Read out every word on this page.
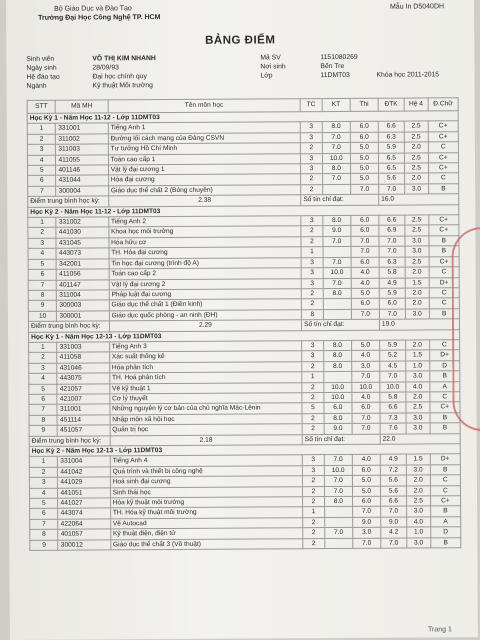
Bộ Giáo Dục và Đào Tạo
Trường Đại Học Công Nghệ TP. HCM
Mẫu In D5040DH
BẢNG ĐIỂM
Sinh viên	VÕ THỊ KIM NHANH
Ngày sinh	28/09/93
Hệ đào tạo	Đại học chính quy
Ngành	Kỹ thuật Môi trường
Mã SV	1151080269
Nơi sinh	Bến Tre
Lớp	11DMT03	Khóa học 2011-2015
STT	Mã MH	Tên môn học	TC	KT	Thi	ĐTK	Hệ 4	Đ.Chữ
Học Kỳ 1 - Năm Học 11-12 - Lớp 11DMT03								
1	331001	Tiếng Anh 1	3	8.0	6.0	6.6	2.5	C+
2	311002	Đường lối cách mạng của Đảng CSVN	3	7.0	6.0	6.3	2.5	C+
3	311003	Tư tưởng Hồ Chí Minh	2	7.0	5.0	5.9	2.0	C
4	411055	Toán cao cấp 1	3	10.0	5.0	6.5	2.5	C+
5	401146	Vật lý đại cương 1	3	8.0	5.0	6.5	2.5	C+
6	431044	Hóa đại cương	2	7.0	5.0	5.6	2.0	C
7	300004	Giáo dục thể chất 2 (Bóng chuyền)	2		7.0	7.0	3.0	B
Điểm trung bình học kỳ:		2.38	Số tín chỉ đạt:			16.0		
Học Kỳ 2 - Năm Học 11-12 - Lớp 11DMT03								
1	331002	Tiếng Anh 2	3	8.0	6.0	6.6	2.5	C+
2	441030	Khoa học môi trường	2	9.0	6.0	6.9	2.5	C+
3	431045	Hóa hữu cơ	2	7.0	7.0	7.0	3.0	B
4	443073	TH. Hóa đại cương	1		7.0	7.0	3.0	B
5	342001	Tin học đại cương (trình độ A)	3	7.0	6.0	6.3	2.5	C+
6	411056	Toán cao cấp 2	3	10.0	4.0	5.8	2.0	C
7	401147	Vật lý đại cương 2	3	7.0	4.0	4.9	1.5	D+
8	311004	Pháp luật đại cương	2	8.0	5.0	5.9	2.0	C
9	300003	Giáo dục thể chất 1 (Điền kinh)	2		6.0	6.0	2.0	C
10	300001	Giáo dục quốc phòng - an ninh (ĐH)	8		7.0	7.0	3.0	B
Điểm trung bình học kỳ:		2.29	Số tín chỉ đạt:			19.0		
Học Kỳ 1 - Năm Học 12-13 - Lớp 11DMT03								
1	331003	Tiếng Anh 3	3	8.0	5.0	5.9	2.0	C
2	411058	Xác suất thống kê	3	8.0	4.0	5.2	1.5	D+
3	431046	Hóa phân tích	2	8.0	3.0	4.5	1.0	D
4	443075	TH. Hoá phân tích	1		7.0	7.0	3.0	B
5	421057	Vẽ kỹ thuật 1	2	10.0	10.0	10.0	4.0	A
6	421007	Cơ lý thuyết	2	10.0	4.0	5.8	2.0	C
7	311001	Những nguyên lý cơ bản của chủ nghĩa Mác-Lênin	5	6.0	6.0	6.6	2.5	C+
8	451114	Nhập môn xã hội học	2	8.0	7.0	7.3	3.0	B
9	451057	Quản trị học	2	9.0	7.0	7.6	3.0	B
Điểm trung bình học kỳ:		2.18	Số tín chỉ đạt:			22.0		
Học Kỳ 2 - Năm Học 12-13 - Lớp 11DMT03								
1	331004	Tiếng Anh 4	3	7.0	4.0	4.9	1.5	D+
2	441042	Quá trình và thiết bị công nghệ	3	10.0	6.0	7.2	3.0	B
3	441029	Hoá sinh đại cương	2	7.0	5.0	5.6	2.0	C
4	441051	Sinh thái học	2	7.0	5.0	5.6	2.0	C
5	441027	Hóa kỹ thuật môi trường	2	8.0	6.0	6.6	2.5	C+
6	443074	TH. Hóa kỹ thuật môi trường	1		7.0	7.0	3.0	B
7	422064	Vẽ Autocad	2		9.0	9.0	4.0	A
8	401057	Kỹ thuật điện, điện tử	2	7.0	3.0	4.2	1.0	D
9	300012	Giáo dục thể chất 3 (Võ thuật)	2		7.0	7.0	3.0	B
Trang 1
